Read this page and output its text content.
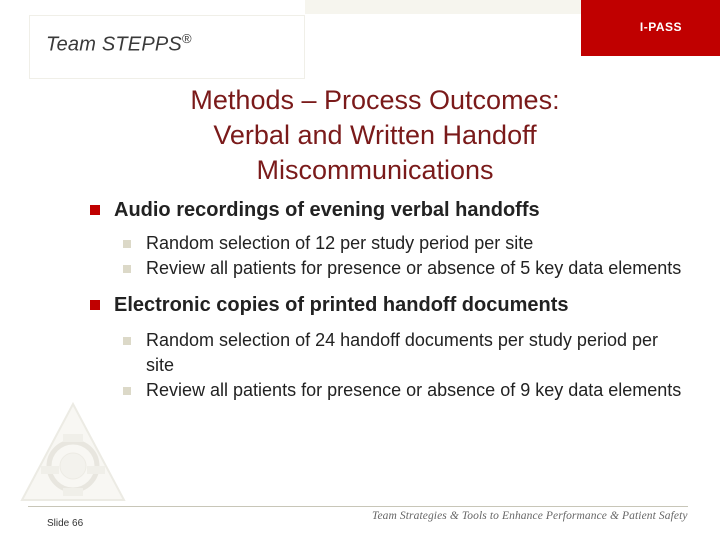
Team STEPPS®
I-PASS
Methods – Process Outcomes:
Verbal and Written Handoff
Miscommunications
Audio recordings of evening verbal handoffs
Random selection of 12 per study period per site
Review all patients for presence or absence of 5 key data elements
Electronic copies of printed handoff documents
Random selection of 24 handoff documents per study period per site
Review all patients for presence or absence of 9 key data elements
Slide 66
Team Strategies & Tools to Enhance Performance & Patient Safety
